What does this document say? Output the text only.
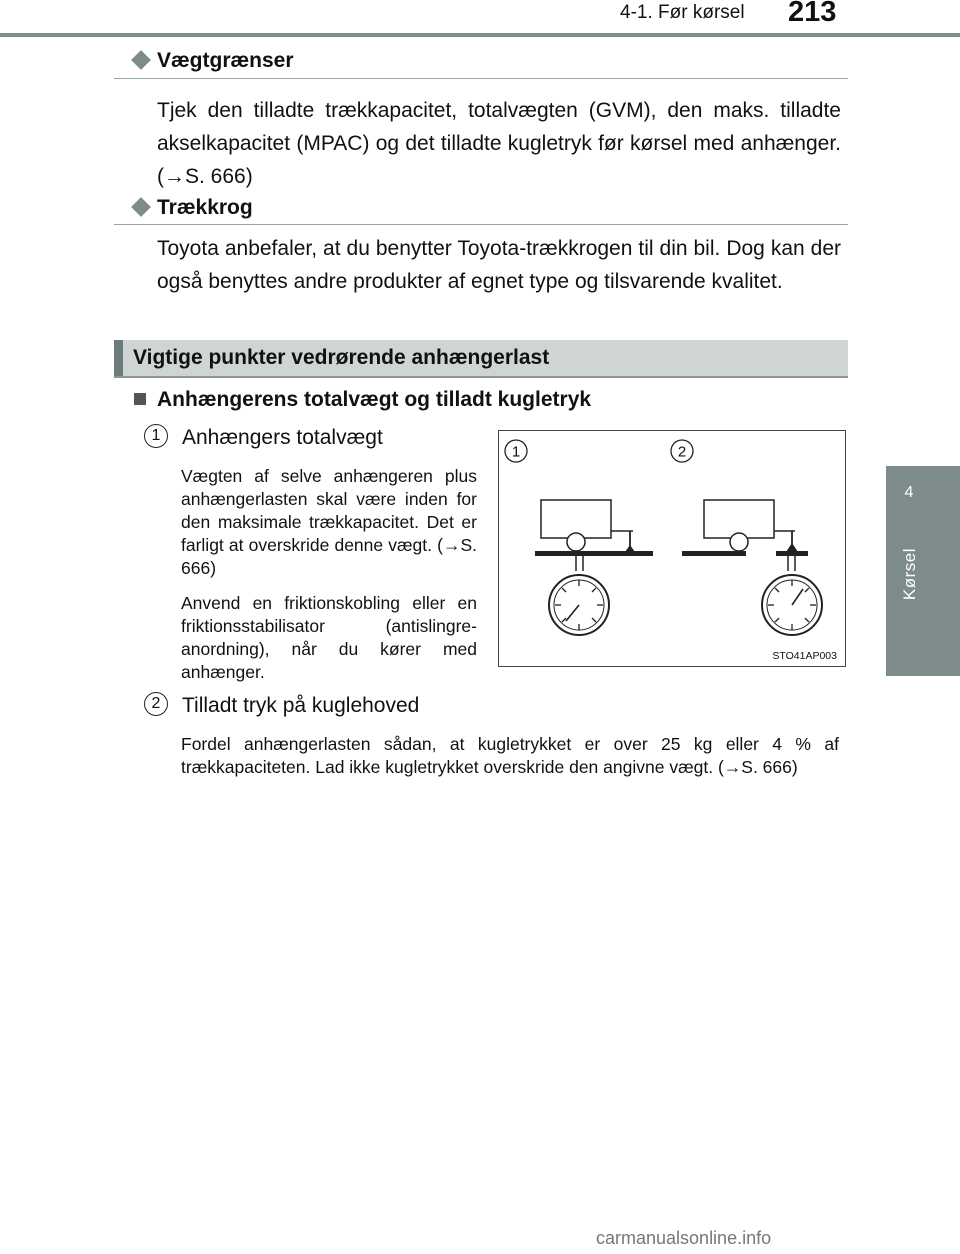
4-1. Før kørsel 213
4
Kørsel
Vægtgrænser
Tjek den tilladte trækkapacitet, totalvægten (GVM), den maks. tilladte akselkapacitet (MPAC) og det tilladte kugletryk før kørsel med anhænger. (→S. 666)
Trækkrog
Toyota anbefaler, at du benytter Toyota-trækkrogen til din bil. Dog kan der også benyttes andre produkter af egnet type og tilsvarende kvalitet.
Vigtige punkter vedrørende anhængerlast
Anhængerens totalvægt og tilladt kugletryk
1	Anhængers totalvægt
Vægten af selve anhængeren plus anhængerlasten skal være inden for den maksimale trækkapacitet. Det er farligt at overskride denne vægt. (→S. 666)
Anvend en friktionskobling eller en friktionsstabilisator (antislingre-anordning), når du kører med anhænger.
1	2
STO41AP003
2	Tilladt tryk på kuglehoved
Fordel anhængerlasten sådan, at kugletrykket er over 25 kg eller 4 % af trækkapaciteten. Lad ikke kugletrykket overskride den angivne vægt. (→S. 666)
carmanualsonline.info
